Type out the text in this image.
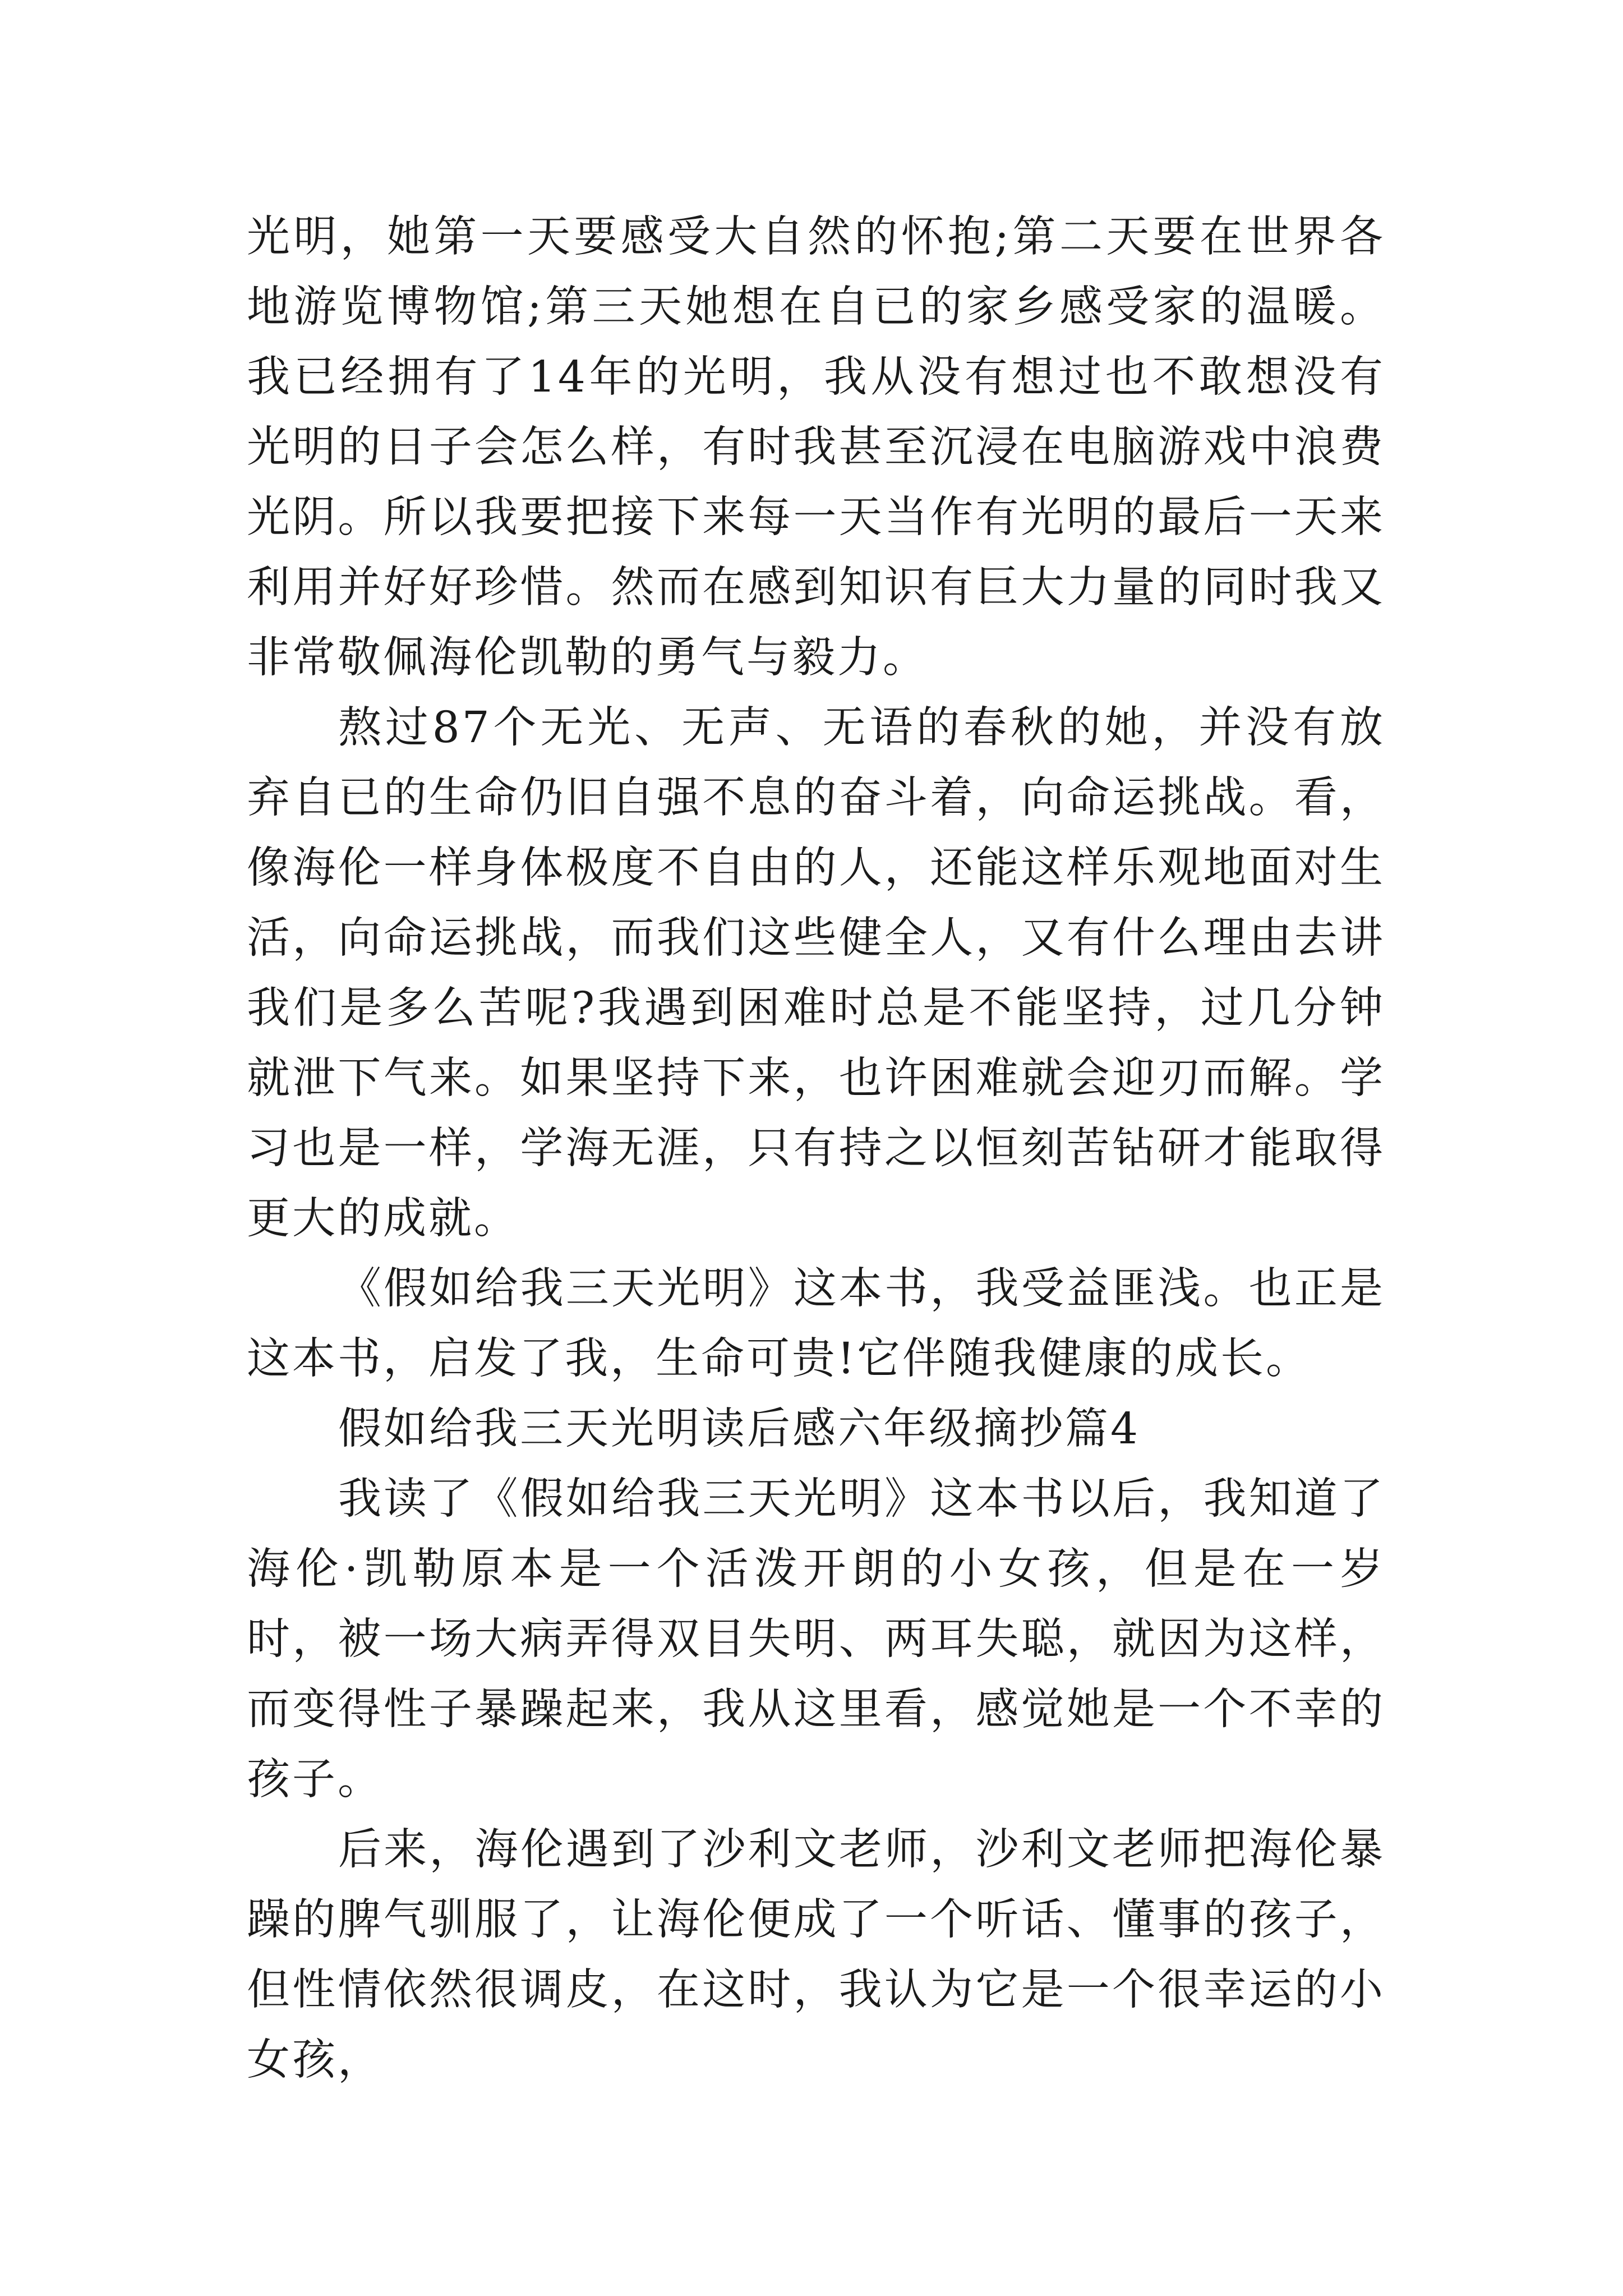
光明，她第一天要感受大自然的怀抱;第二天要在世界各地游览博物馆;第三天她想在自已的家乡感受家的温暖。我已经拥有了14年的光明，我从没有想过也不敢想没有光明的日子会怎么样，有时我甚至沉浸在电脑游戏中浪费光阴。所以我要把接下来每一天当作有光明的最后一天来利用并好好珍惜。然而在感到知识有巨大力量的同时我又非常敬佩海伦凯勒的勇气与毅力。

熬过87个无光、无声、无语的春秋的她，并没有放弃自已的生命仍旧自强不息的奋斗着，向命运挑战。看，像海伦一样身体极度不自由的人，还能这样乐观地面对生活，向命运挑战，而我们这些健全人，又有什么理由去讲我们是多么苦呢?我遇到困难时总是不能坚持，过几分钟就泄下气来。如果坚持下来，也许困难就会迎刃而解。学习也是一样，学海无涯，只有持之以恒刻苦钻研才能取得更大的成就。

《假如给我三天光明》这本书，我受益匪浅。也正是这本书，启发了我，生命可贵!它伴随我健康的成长。

假如给我三天光明读后感六年级摘抄篇4

我读了《假如给我三天光明》这本书以后，我知道了海伦·凯勒原本是一个活泼开朗的小女孩，但是在一岁时，被一场大病弄得双目失明、两耳失聪，就因为这样，而变得性子暴躁起来，我从这里看，感觉她是一个不幸的孩子。

后来，海伦遇到了沙利文老师，沙利文老师把海伦暴躁的脾气驯服了，让海伦便成了一个听话、懂事的孩子，但性情依然很调皮，在这时，我认为它是一个很幸运的小女孩，
